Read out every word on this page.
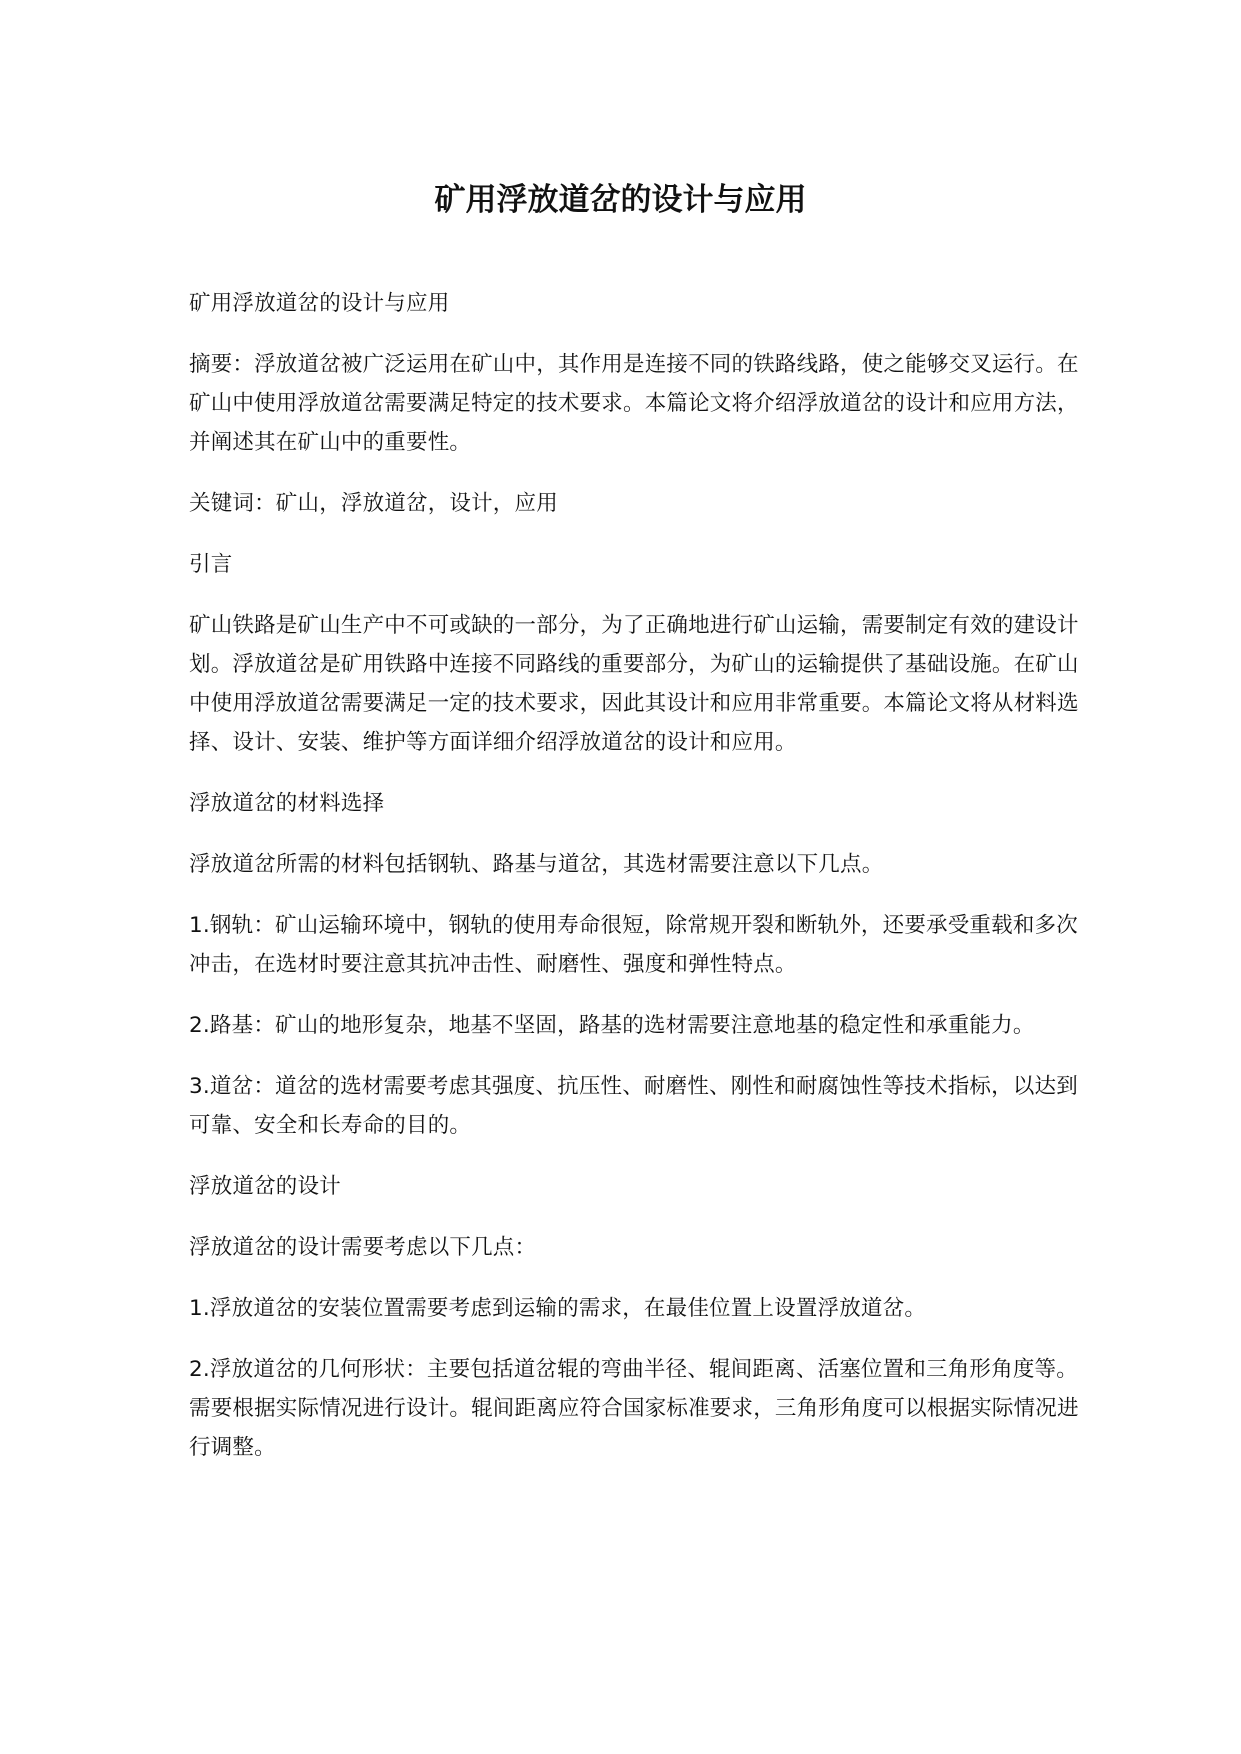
矿用浮放道岔的设计与应用

矿用浮放道岔的设计与应用

摘要：浮放道岔被广泛运用在矿山中，其作用是连接不同的铁路线路，使之能够交叉运行。在矿山中使用浮放道岔需要满足特定的技术要求。本篇论文将介绍浮放道岔的设计和应用方法，并阐述其在矿山中的重要性。

关键词：矿山，浮放道岔，设计，应用

引言

矿山铁路是矿山生产中不可或缺的一部分，为了正确地进行矿山运输，需要制定有效的建设计划。浮放道岔是矿用铁路中连接不同路线的重要部分，为矿山的运输提供了基础设施。在矿山中使用浮放道岔需要满足一定的技术要求，因此其设计和应用非常重要。本篇论文将从材料选择、设计、安装、维护等方面详细介绍浮放道岔的设计和应用。

浮放道岔的材料选择

浮放道岔所需的材料包括钢轨、路基与道岔，其选材需要注意以下几点。

1.钢轨：矿山运输环境中，钢轨的使用寿命很短，除常规开裂和断轨外，还要承受重载和多次冲击，在选材时要注意其抗冲击性、耐磨性、强度和弹性特点。

2.路基：矿山的地形复杂，地基不坚固，路基的选材需要注意地基的稳定性和承重能力。

3.道岔：道岔的选材需要考虑其强度、抗压性、耐磨性、刚性和耐腐蚀性等技术指标，以达到可靠、安全和长寿命的目的。

浮放道岔的设计

浮放道岔的设计需要考虑以下几点：

1.浮放道岔的安装位置需要考虑到运输的需求，在最佳位置上设置浮放道岔。

2.浮放道岔的几何形状：主要包括道岔辊的弯曲半径、辊间距离、活塞位置和三角形角度等。需要根据实际情况进行设计。辊间距离应符合国家标准要求，三角形角度可以根据实际情况进行调整。
